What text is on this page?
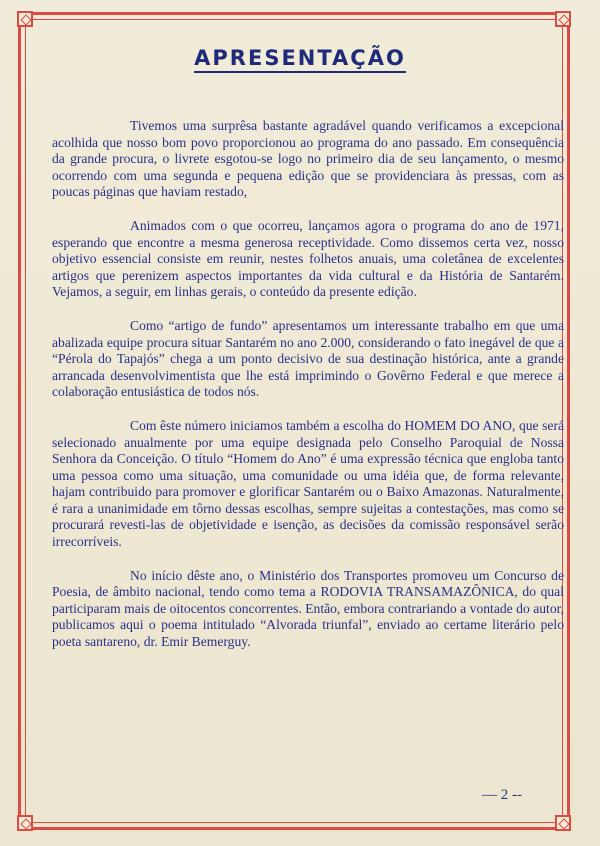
APRESENTAÇÃO

Tivemos uma surprêsa bastante agradável quando verificamos a excepcional acolhida que nosso bom povo proporcionou ao programa do ano passado. Em consequência da grande procura, o livrete esgotou-se logo no primeiro dia de seu lançamento, o mesmo ocorrendo com uma segunda e pequena edição que se providenciara às pressas, com as poucas páginas que haviam restado,

Animados com o que ocorreu, lançamos agora o programa do ano de 1971, esperando que encontre a mesma generosa receptividade. Como dissemos certa vez, nosso objetivo essencial consiste em reunir, nestes folhetos anuais, uma coletânea de excelentes artigos que perenizem aspectos importantes da vida cultural e da História de Santarém. Vejamos, a seguir, em linhas gerais, o conteúdo da presente edição.

Como “artigo de fundo” apresentamos um interessante trabalho em que uma abalizada equipe procura situar Santarém no ano 2.000, considerando o fato inegável de que a “Pérola do Tapajós” chega a um ponto decisivo de sua destinação histórica, ante a grande arrancada desenvolvimentista que lhe está imprimindo o Govêrno Federal e que merece a colaboração entusiástica de todos nós.

Com êste número iniciamos também a escolha do HOMEM DO ANO, que será selecionado anualmente por uma equipe designada pelo Conselho Paroquial de Nossa Senhora da Conceição. O título “Homem do Ano” é uma expressão técnica que engloba tanto uma pessoa como uma situação, uma comunidade ou uma idéia que, de forma relevante, hajam contribuido para promover e glorificar Santarém ou o Baixo Amazonas. Naturalmente, é rara a unanimidade em tôrno dessas escolhas, sempre sujeitas a contestações, mas como se procurará revesti-las de objetividade e isenção, as decisões da comissão responsável serão irrecorríveis.

No início dêste ano, o Ministério dos Transportes promoveu um Concurso de Poesia, de âmbito nacional, tendo como tema a RODOVIA TRANSAMAZÔNICA, do qual participaram mais de oitocentos concorrentes. Então, embora contrariando a vontade do autor, publicamos aqui o poema intitulado “Alvorada triunfal”, enviado ao certame literário pelo poeta santareno, dr. Emir Bemerguy.

— 2 --
